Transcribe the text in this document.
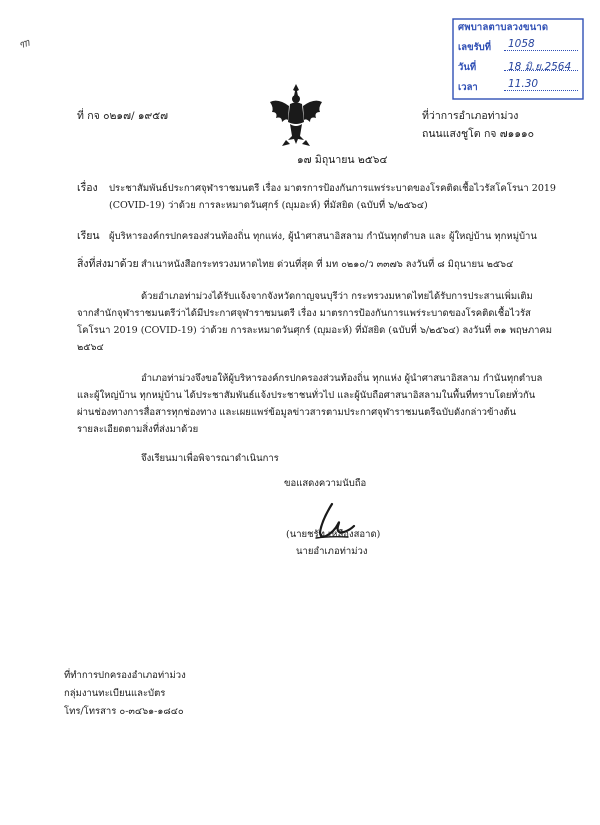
ꦒ
ศพบาลตาบลวงขนาด
เลขรับที่	1058
วันที่	18 มิ.ย.2564
เวลา	11.30
ที่ กจ ๐๒๑๗/ ๑๙๕๗	ที่ว่าการอำเภอท่าม่วง
ถนนแสงชูโต กจ ๗๑๑๑๐
๑๗ มิถุนายน ๒๕๖๔
เรื่อง ประชาสัมพันธ์ประกาศจุฬาราชมนตรี เรื่อง มาตรการป้องกันการแพร่ระบาดของโรคติดเชื้อไวรัสโคโรนา 2019
(COVID-19) ว่าด้วย การละหมาดวันศุกร์ (ญุมอะห์) ที่มัสยิด (ฉบับที่ ๖/๒๕๖๔)
เรียน ผู้บริหารองค์กรปกครองส่วนท้องถิ่น ทุกแห่ง, ผู้นำศาสนาอิสลาม กำนันทุกตำบล และ ผู้ใหญ่บ้าน ทุกหมู่บ้าน
สิ่งที่ส่งมาด้วย สำเนาหนังสือกระทรวงมหาดไทย ด่วนที่สุด ที่ มท ๐๒๑๐/ว ๓๓๗๖ ลงวันที่ ๘ มิถุนายน ๒๕๖๔
ด้วยอำเภอท่าม่วงได้รับแจ้งจากจังหวัดกาญจนบุรีว่า กระทรวงมหาดไทยได้รับการประสานเพิ่มเติม
จากสำนักจุฬาราชมนตรีว่าได้มีประกาศจุฬาราชมนตรี เรื่อง มาตรการป้องกันการแพร่ระบาดของโรคติดเชื้อไวรัส
โคโรนา 2019 (COVID-19) ว่าด้วย การละหมาดวันศุกร์ (ญุมอะห์) ที่มัสยิด (ฉบับที่ ๖/๒๕๖๔) ลงวันที่ ๓๑ พฤษภาคม
๒๕๖๔
อำเภอท่าม่วงจึงขอให้ผู้บริหารองค์กรปกครองส่วนท้องถิ่น ทุกแห่ง ผู้นำศาสนาอิสลาม กำนันทุกตำบล
และผู้ใหญ่บ้าน ทุกหมู่บ้าน ได้ประชาสัมพันธ์แจ้งประชาชนทั่วไป และผู้นับถือศาสนาอิสลามในพื้นที่ทราบโดยทั่วกัน
ผ่านช่องทางการสื่อสารทุกช่องทาง และเผยแพร่ข้อมูลข่าวสารตามประกาศจุฬาราชมนตรีฉบับดังกล่าวข้างต้น
รายละเอียดตามสิ่งที่ส่งมาด้วย
จึงเรียนมาเพื่อพิจารณาดำเนินการ
ขอแสดงความนับถือ
(นายชรัท เหลืองสอาด)
นายอำเภอท่าม่วง
ที่ทำการปกครองอำเภอท่าม่วง
กลุ่มงานทะเบียนและบัตร
โทร/โทรสาร ๐-๓๔๖๑-๑๘๔๐
